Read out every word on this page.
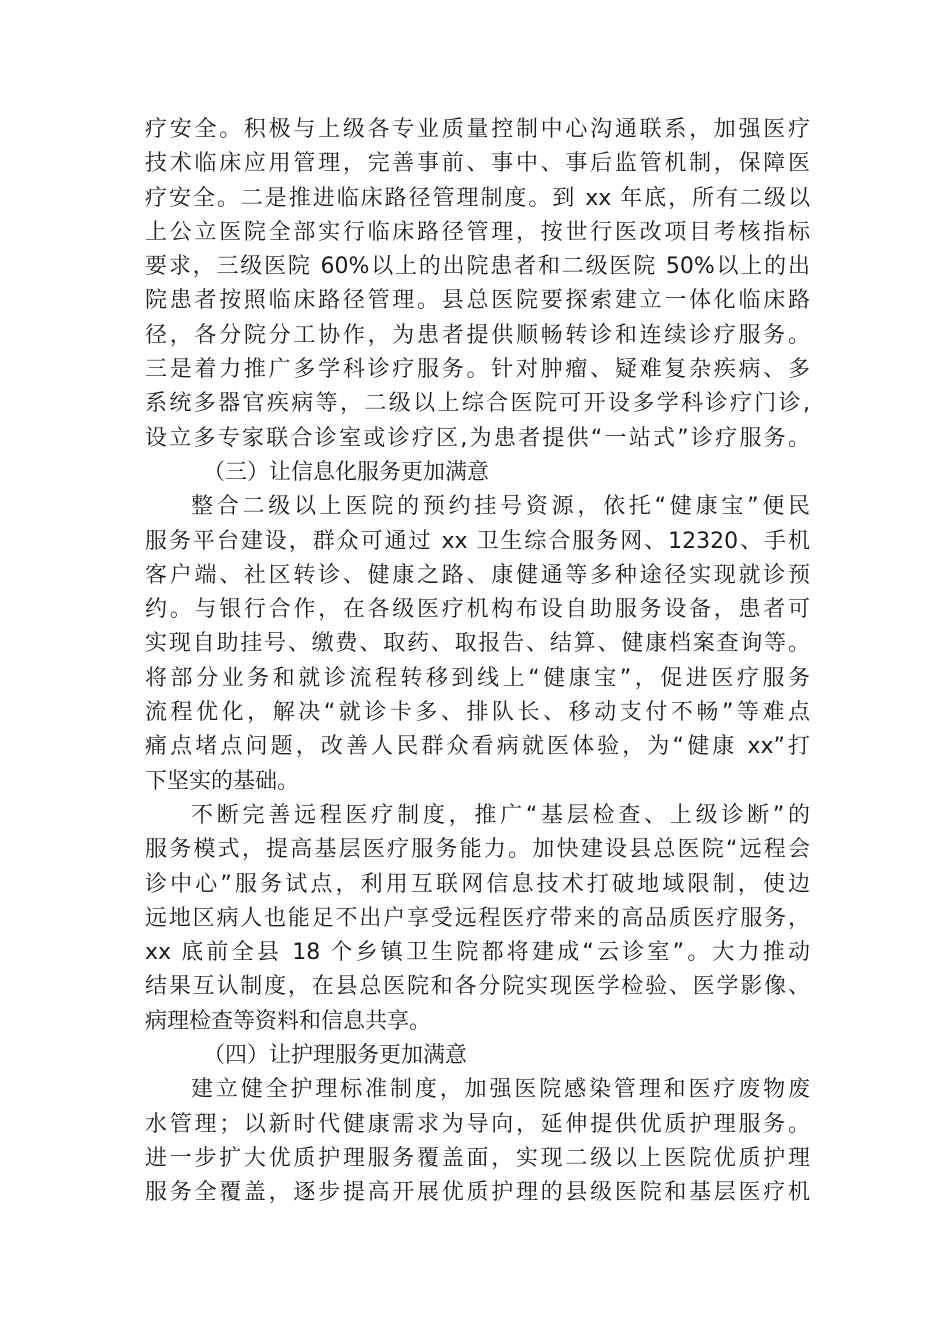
疗安全。积极与上级各专业质量控制中心沟通联系，加强医疗
技术临床应用管理，完善事前、事中、事后监管机制，保障医
疗安全。二是推进临床路径管理制度。到 xx 年底，所有二级以
上公立医院全部实行临床路径管理，按世行医改项目考核指标
要求，三级医院 60%以上的出院患者和二级医院 50%以上的出
院患者按照临床路径管理。县总医院要探索建立一体化临床路
径，各分院分工协作，为患者提供顺畅转诊和连续诊疗服务。
三是着力推广多学科诊疗服务。针对肿瘤、疑难复杂疾病、多
系统多器官疾病等，二级以上综合医院可开设多学科诊疗门诊,
设立多专家联合诊室或诊疗区,为患者提供“一站式”诊疗服务。
（三）让信息化服务更加满意
整合二级以上医院的预约挂号资源，依托“健康宝”便民
服务平台建设，群众可通过 xx 卫生综合服务网、12320、手机
客户端、社区转诊、健康之路、康健通等多种途径实现就诊预
约。与银行合作，在各级医疗机构布设自助服务设备，患者可
实现自助挂号、缴费、取药、取报告、结算、健康档案查询等。
将部分业务和就诊流程转移到线上“健康宝”，促进医疗服务
流程优化，解决“就诊卡多、排队长、移动支付不畅”等难点
痛点堵点问题，改善人民群众看病就医体验，为“健康 xx”打
下坚实的基础。
不断完善远程医疗制度，推广“基层检查、上级诊断”的
服务模式，提高基层医疗服务能力。加快建设县总医院“远程会
诊中心”服务试点，利用互联网信息技术打破地域限制，使边
远地区病人也能足不出户享受远程医疗带来的高品质医疗服务，
xx 底前全县 18 个乡镇卫生院都将建成“云诊室”。大力推动
结果互认制度，在县总医院和各分院实现医学检验、医学影像、
病理检查等资料和信息共享。
（四）让护理服务更加满意
建立健全护理标准制度，加强医院感染管理和医疗废物废
水管理；以新时代健康需求为导向，延伸提供优质护理服务。
进一步扩大优质护理服务覆盖面，实现二级以上医院优质护理
服务全覆盖，逐步提高开展优质护理的县级医院和基层医疗机
